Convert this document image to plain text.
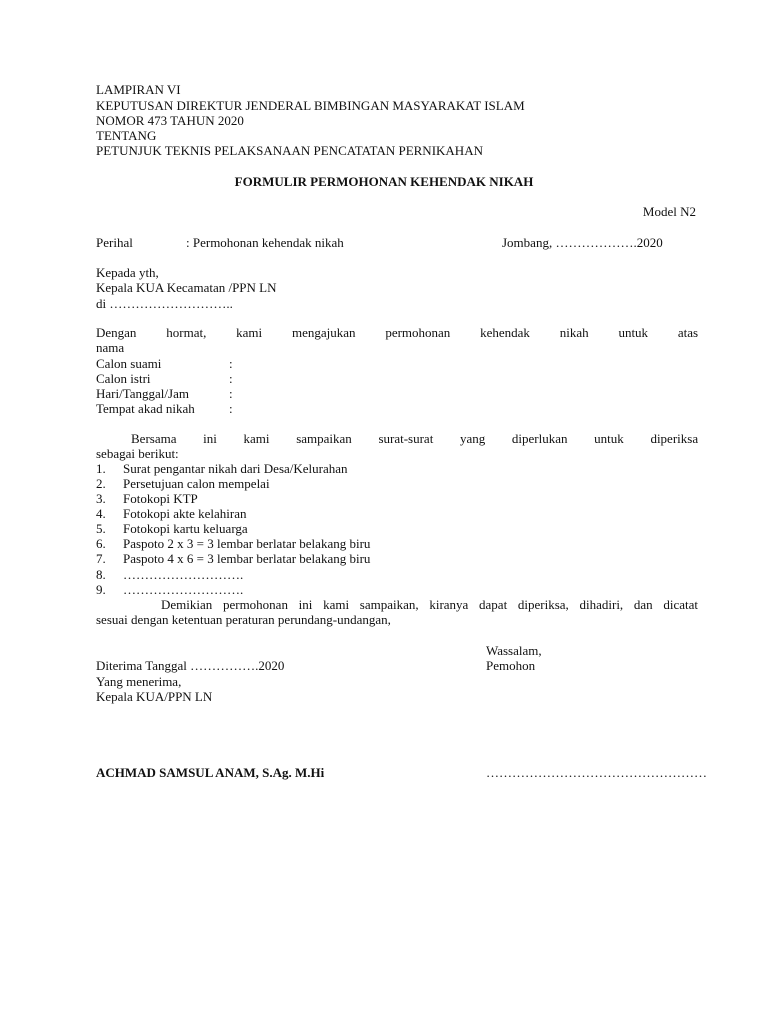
LAMPIRAN VI
KEPUTUSAN DIREKTUR JENDERAL BIMBINGAN MASYARAKAT ISLAM
NOMOR 473 TAHUN 2020
TENTANG
PETUNJUK TEKNIS PELAKSANAAN PENCATATAN PERNIKAHAN
FORMULIR PERMOHONAN KEHENDAK NIKAH
Model N2
Perihal	: Permohonan kehendak nikah	Jombang, ……………….2020
Kepada yth,
Kepala KUA Kecamatan /PPN LN
di ………………………..
Dengan hormat, kami mengajukan permohonan kehendak nikah untuk atas
nama
Calon suami	:
Calon istri	:
Hari/Tanggal/Jam	:
Tempat akad nikah	:
Bersama ini kami sampaikan surat-surat yang diperlukan untuk diperiksa
sebagai berikut:
1. Surat pengantar nikah dari Desa/Kelurahan
2. Persetujuan calon mempelai
3. Fotokopi KTP
4. Fotokopi akte kelahiran
5. Fotokopi kartu keluarga
6. Paspoto 2 x 3 = 3 lembar berlatar belakang biru
7. Paspoto 4 x 6 = 3 lembar berlatar belakang biru
8. ……………………….
9. ……………………….
Demikian permohonan ini kami sampaikan, kiranya dapat diperiksa, dihadiri, dan dicatat
sesuai dengan ketentuan peraturan perundang-undangan,
Wassalam,
Pemohon
Diterima Tanggal …………….2020
Yang menerima,
Kepala KUA/PPN LN
ACHMAD SAMSUL ANAM, S.Ag. M.Hi	……………………………………………
